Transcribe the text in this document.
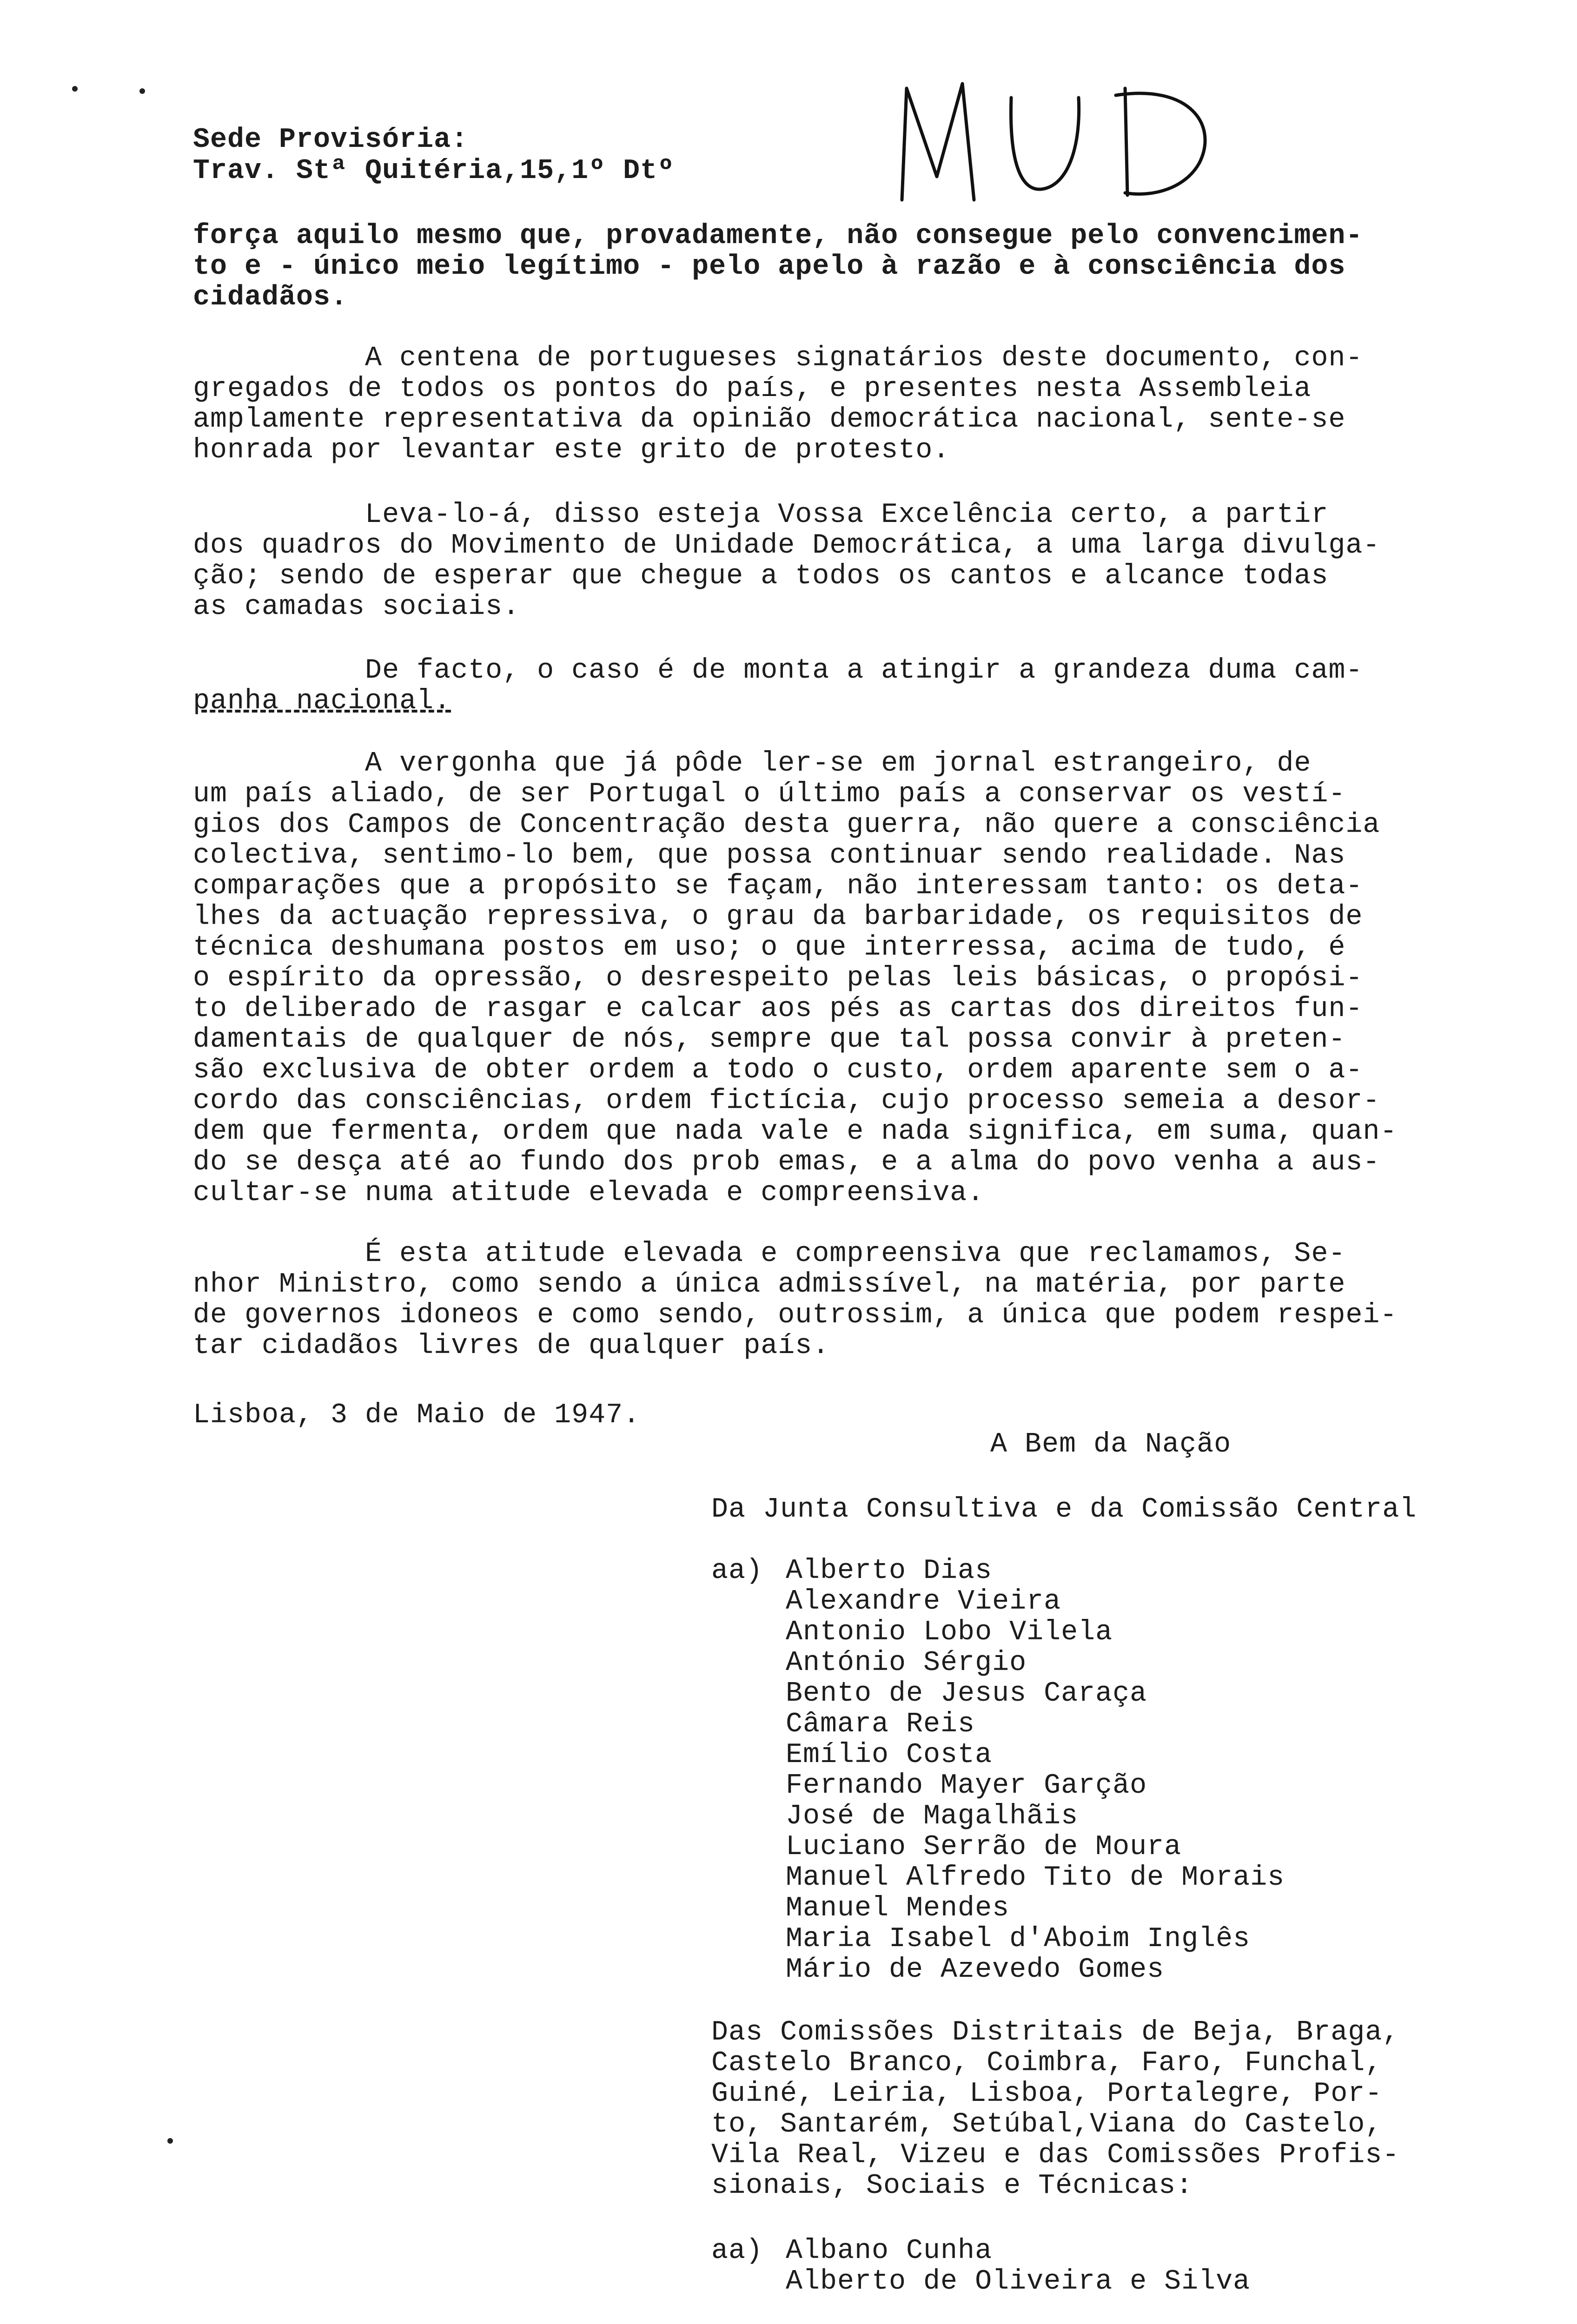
Sede Provisória:
Trav. Stª Quitéria,15,1º Dtº
força aquilo mesmo que, provadamente, não consegue pelo convencimen-
to e - único meio legítimo - pelo apelo à razão e à consciência dos
cidadãos.
A centena de portugueses signatários deste documento, con-
gregados de todos os pontos do país, e presentes nesta Assembleia
amplamente representativa da opinião democrática nacional, sente-se
honrada por levantar este grito de protesto.
Leva-lo-á, disso esteja Vossa Excelência certo, a partir
dos quadros do Movimento de Unidade Democrática, a uma larga divulga-
ção; sendo de esperar que chegue a todos os cantos e alcance todas
as camadas sociais.
De facto, o caso é de monta a atingir a grandeza duma cam-
panha nacional.
A vergonha que já pôde ler-se em jornal estrangeiro, de
um país aliado, de ser Portugal o último país a conservar os vestí-
gios dos Campos de Concentração desta guerra, não quere a consciência
colectiva, sentimo-lo bem, que possa continuar sendo realidade. Nas
comparações que a propósito se façam, não interessam tanto: os deta-
lhes da actuação repressiva, o grau da barbaridade, os requisitos de
técnica deshumana postos em uso; o que interressa, acima de tudo, é
o espírito da opressão, o desrespeito pelas leis básicas, o propósi-
to deliberado de rasgar e calcar aos pés as cartas dos direitos fun-
damentais de qualquer de nós, sempre que tal possa convir à preten-
são exclusiva de obter ordem a todo o custo, ordem aparente sem o a-
cordo das consciências, ordem fictícia, cujo processo semeia a desor-
dem que fermenta, ordem que nada vale e nada significa, em suma, quan-
do se desça até ao fundo dos prob emas, e a alma do povo venha a aus-
cultar-se numa atitude elevada e compreensiva.
É esta atitude elevada e compreensiva que reclamamos, Se-
nhor Ministro, como sendo a única admissível, na matéria, por parte
de governos idoneos e como sendo, outrossim, a única que podem respei-
tar cidadãos livres de qualquer país.
Lisboa, 3 de Maio de 1947.
A Bem da Nação
Da Junta Consultiva e da Comissão Central
aa) Alberto Dias
Alexandre Vieira
Antonio Lobo Vilela
António Sérgio
Bento de Jesus Caraça
Câmara Reis
Emílio Costa
Fernando Mayer Garção
José de Magalhãis
Luciano Serrão de Moura
Manuel Alfredo Tito de Morais
Manuel Mendes
Maria Isabel d'Aboim Inglês
Mário de Azevedo Gomes
Das Comissões Distritais de Beja, Braga,
Castelo Branco, Coimbra, Faro, Funchal,
Guiné, Leiria, Lisboa, Portalegre, Por-
to, Santarém, Setúbal,Viana do Castelo,
Vila Real, Vizeu e das Comissões Profis-
sionais, Sociais e Técnicas:
aa) Albano Cunha
Alberto de Oliveira e Silva
